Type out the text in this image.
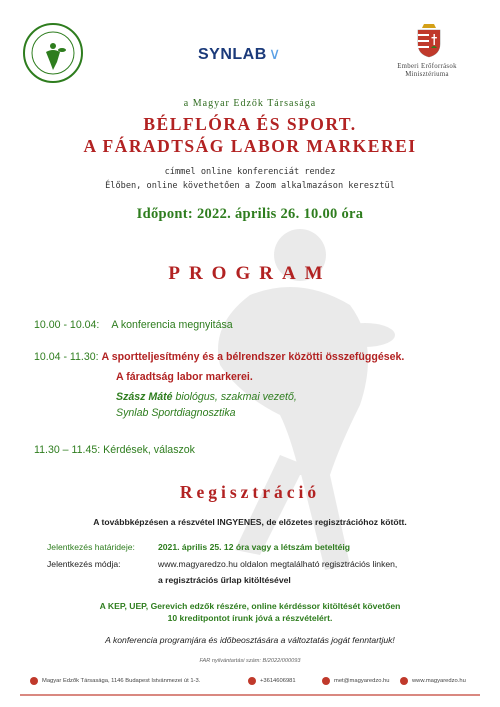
SYNLAB ∨
Emberi Erőforrások
Minisztériuma
a Magyar Edzők Társasága
BÉLFLÓRA ÉS SPORT.
A FÁRADTSÁG LABOR MARKEREI
címmel online konferenciát rendez
Élőben, online követhetően a Zoom alkalmazáson keresztül
Időpont: 2022. április 26. 10.00 óra
PROGRAM
10.00 - 10.04: A konferencia megnyitása
10.04 - 11.30: A sportteljesítmény és a bélrendszer közötti összefüggések.
A fáradtság labor markerei.
Szász Máté biológus, szakmai vezető,
Synlab Sportdiagnosztika
11.30 – 11.45: Kérdések, válaszok
Regisztráció
A továbbképzésen a részvétel INGYENES, de előzetes regisztrációhoz kötött.
Jelentkezés határideje:	2021. április 25. 12 óra vagy a létszám beteltéig
Jelentkezés módja:	www.magyaredzo.hu oldalon megtalálható regisztrációs linken,
a regisztrációs űrlap kitöltésével
A KEP, UEP, Gerevich edzők részére, online kérdéssor kitöltését követően
10 kreditpontot írunk jóvá a részvételért.
A konferencia programjára és időbeosztására a változtatás jogát fenntartjuk!
FAR nyilvántartási szám: B/2022/000093
Magyar Edzők Társasága, 1146 Budapest Istvánmezei út 1-3.	+3614606981	met@magyaredzo.hu	www.magyaredzo.hu
